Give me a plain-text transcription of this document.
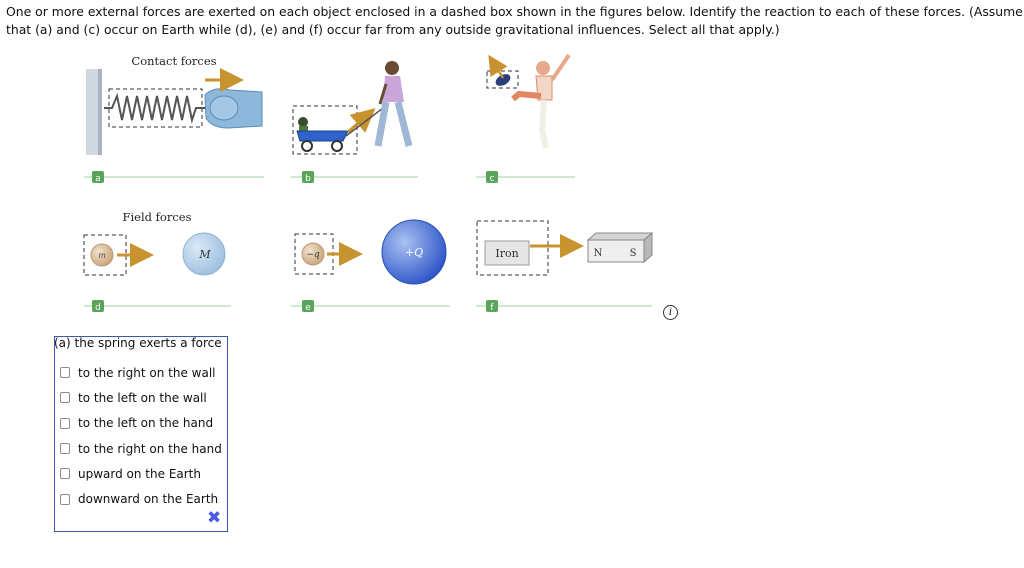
One or more external forces are exerted on each object enclosed in a dashed box shown in the figures below. Identify the reaction to each of these forces. (Assume that (a) and (c) occur on Earth while (d), (e) and (f) occur far from any outside gravitational influences. Select all that apply.)
Contact forces
a	b	c
Field forces
m	M
d
−q	+Q
e
Iron	N	S
f	i
(a) the spring exerts a force
to the right on the wall
to the left on the wall
to the left on the hand
to the right on the hand
upward on the Earth
downward on the Earth
✖
